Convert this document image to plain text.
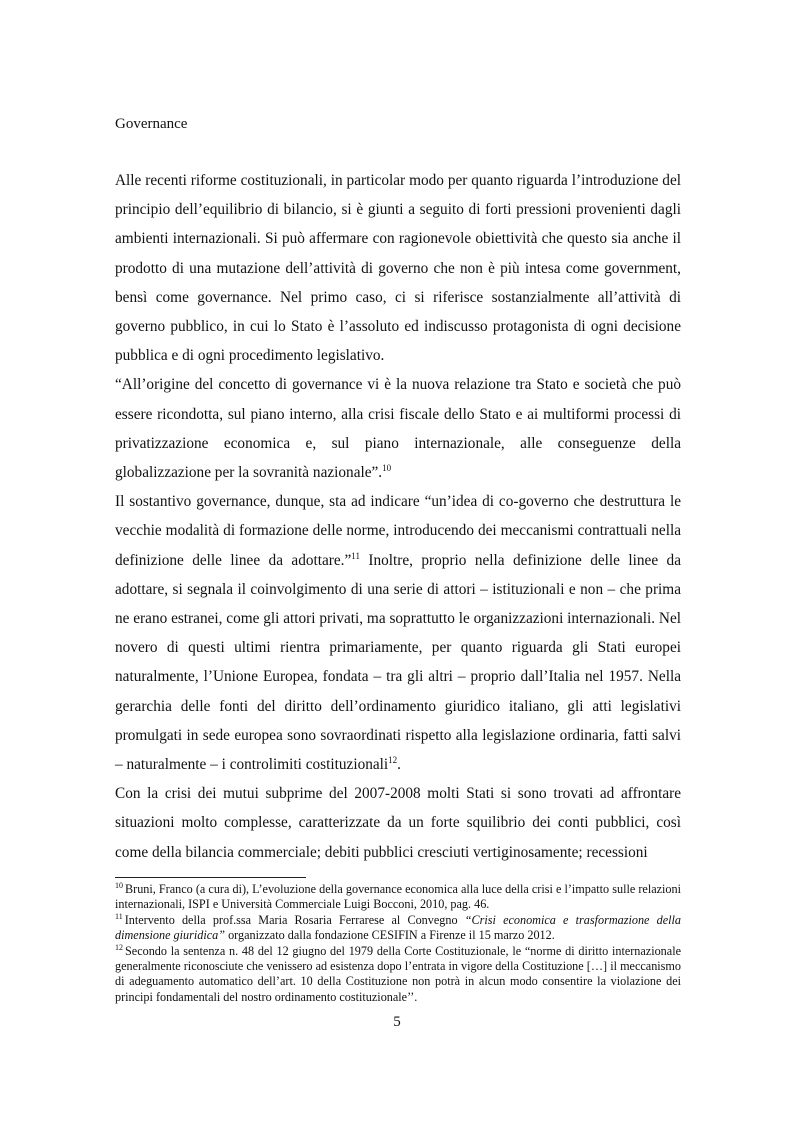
Governance

Alle recenti riforme costituzionali, in particolar modo per quanto riguarda l’introduzione del principio dell’equilibrio di bilancio, si è giunti a seguito di forti pressioni provenienti dagli ambienti internazionali. Si può affermare con ragionevole obiettività che questo sia anche il prodotto di una mutazione dell’attività di governo che non è più intesa come government, bensì come governance. Nel primo caso, ci si riferisce sostanzialmente all’attività di governo pubblico, in cui lo Stato è l’assoluto ed indiscusso protagonista di ogni decisione pubblica e di ogni procedimento legislativo.

“All’origine del concetto di governance vi è la nuova relazione tra Stato e società che può essere ricondotta, sul piano interno, alla crisi fiscale dello Stato e ai multiformi processi di privatizzazione economica e, sul piano internazionale, alle conseguenze della globalizzazione per la sovranità nazionale”.$^{10}$

Il sostantivo governance, dunque, sta ad indicare “un’idea di co-governo che destruttura le vecchie modalità di formazione delle norme, introducendo dei meccanismi contrattuali nella definizione delle linee da adottare.”$^{11}$ Inoltre, proprio nella definizione delle linee da adottare, si segnala il coinvolgimento di una serie di attori – istituzionali e non – che prima ne erano estranei, come gli attori privati, ma soprattutto le organizzazioni internazionali. Nel novero di questi ultimi rientra primariamente, per quanto riguarda gli Stati europei naturalmente, l’Unione Europea, fondata – tra gli altri – proprio dall’Italia nel 1957. Nella gerarchia delle fonti del diritto dell’ordinamento giuridico italiano, gli atti legislativi promulgati in sede europea sono sovraordinati rispetto alla legislazione ordinaria, fatti salvi – naturalmente – i controlimiti costituzionali$^{12}$.

Con la crisi dei mutui subprime del 2007-2008 molti Stati si sono trovati ad affrontare situazioni molto complesse, caratterizzate da un forte squilibrio dei conti pubblici, così come della bilancia commerciale; debiti pubblici cresciuti vertiginosamente; recessioni

$^{10}$ Bruni, Franco (a cura di), L’evoluzione della governance economica alla luce della crisi e l’impatto sulle relazioni internazionali, ISPI e Università Commerciale Luigi Bocconi, 2010, pag. 46.

$^{11}$ Intervento della prof.ssa Maria Rosaria Ferrarese al Convegno “Crisi economica e trasformazione della dimensione giuridica” organizzato dalla fondazione CESIFIN a Firenze il 15 marzo 2012.

$^{12}$ Secondo la sentenza n. 48 del 12 giugno del 1979 della Corte Costituzionale, le “norme di diritto internazionale generalmente riconosciute che venissero ad esistenza dopo l’entrata in vigore della Costituzione […] il meccanismo di adeguamento automatico dell’art. 10 della Costituzione non potrà in alcun modo consentire la violazione dei principi fondamentali del nostro ordinamento costituzionale’’.

5
